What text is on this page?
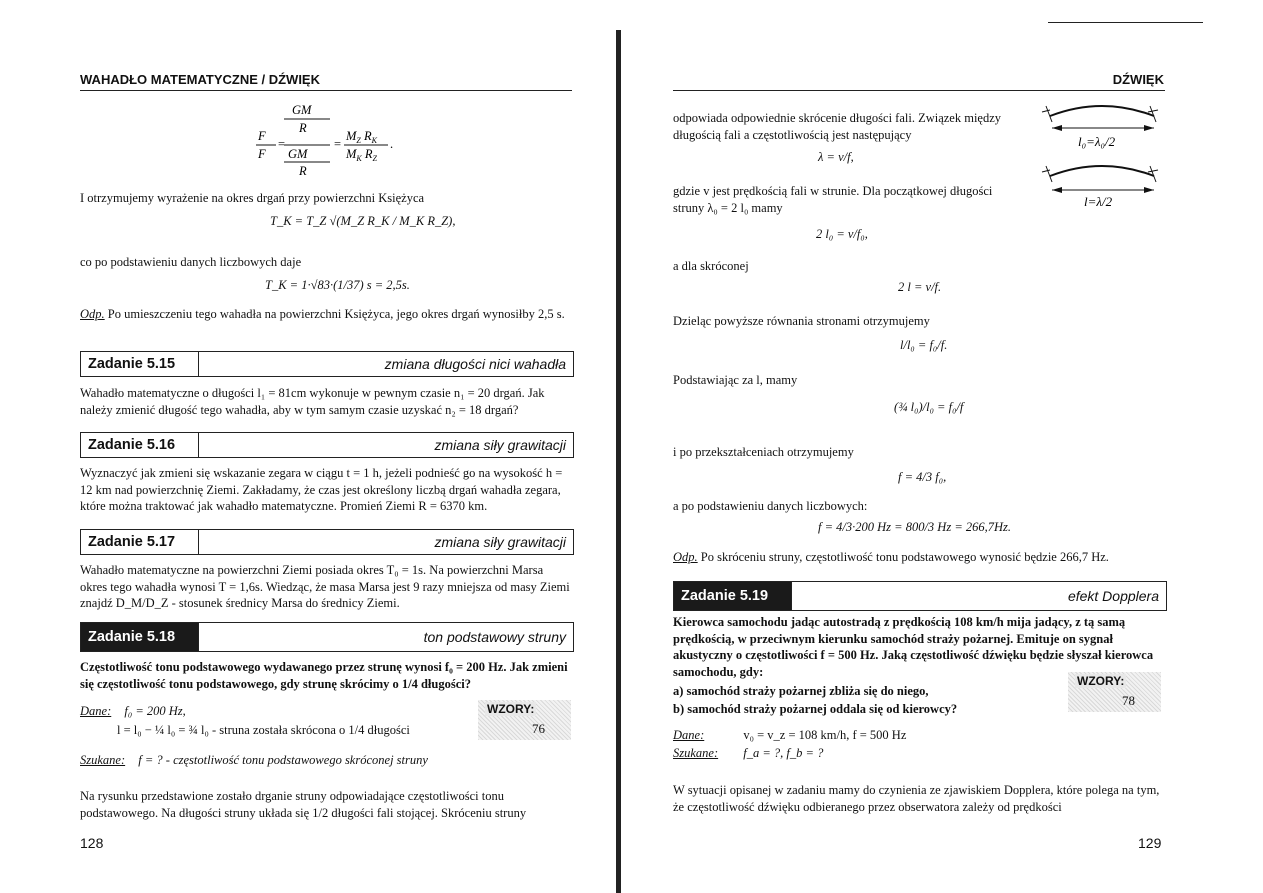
WAHADŁO MATEMATYCZNE / DŹWIĘK
GM
R
F
F
=
GM
R
=
$M_Z$ $R_K$
$M_K$ $R_Z$
.
I otrzymujemy wyrażenie na okres drgań przy powierzchni Księżyca
T_K = T_Z √(M_Z R_K / M_K R_Z),
co po podstawieniu danych liczbowych daje
T_K = 1·√83·(1/37) s = 2,5s.
Odp. Po umieszczeniu tego wahadła na powierzchni Księżyca, jego okres drgań wynosiłby 2,5 s.
Zadanie 5.15	zmiana długości nici wahadła
Wahadło matematyczne o długości l₁ = 81cm wykonuje w pewnym czasie n₁ = 20 drgań. Jak należy zmienić długość tego wahadła, aby w tym samym czasie uzyskać n₂ = 18 drgań?
Zadanie 5.16	zmiana siły grawitacji
Wyznaczyć jak zmieni się wskazanie zegara w ciągu t = 1 h, jeżeli podnieść go na wysokość h = 12 km nad powierzchnię Ziemi. Zakładamy, że czas jest określony liczbą drgań wahadła zegara, które można traktować jak wahadło matematyczne. Promień Ziemi R = 6370 km.
Zadanie 5.17	zmiana siły grawitacji
Wahadło matematyczne na powierzchni Ziemi posiada okres T₀ = 1s. Na powierzchni Marsa okres tego wahadła wynosi T = 1,6s. Wiedząc, że masa Marsa jest 9 razy mniejsza od masy Ziemi znajdź D_M/D_Z - stosunek średnicy Marsa do średnicy Ziemi.
Zadanie 5.18	ton podstawowy struny
Częstotliwość tonu podstawowego wydawanego przez strunę wynosi f₀ = 200 Hz. Jak zmieni się częstotliwość tonu podstawowego, gdy strunę skrócimy o 1/4 długości?
Dane: f₀ = 200 Hz,
l = l₀ − ¼ l₀ = ¾ l₀ - struna została skrócona o 1/4 długości
Szukane: f = ? - częstotliwość tonu podstawowego skróconej struny
WZORY:
76
Na rysunku przedstawione zostało drganie struny odpowiadające częstotliwości tonu podstawowego. Na długości struny układa się 1/2 długości fali stojącej. Skróceniu struny
128
DŹWIĘK
odpowiada odpowiednie skrócenie długości fali. Związek między długością fali a częstotliwością jest następujący
λ = v/f,
gdzie v jest prędkością fali w strunie. Dla początkowej długości struny λ₀ = 2 l₀ mamy
2 l₀ = v/f₀,
a dla skróconej
2 l = v/f.
Dzieląc powyższe równania stronami otrzymujemy
l/l₀ = f₀/f.
Podstawiając za l, mamy
(¾ l₀)/l₀ = f₀/f
i po przekształceniach otrzymujemy
f = 4/3 f₀,
a po podstawieniu danych liczbowych:
f = 4/3·200 Hz = 800/3 Hz = 266,7Hz.
Odp. Po skróceniu struny, częstotliwość tonu podstawowego wynosić będzie 266,7 Hz.
l₀=λ₀/2
l=λ/2
Zadanie 5.19	efekt Dopplera
Kierowca samochodu jadąc autostradą z prędkością 108 km/h mija jadący, z tą samą prędkością, w przeciwnym kierunku samochód straży pożarnej. Emituje on sygnał akustyczny o częstotliwości f = 500 Hz. Jaką częstotliwość dźwięku będzie słyszał kierowca samochodu, gdy:
a) samochód straży pożarnej zbliża się do niego,
b) samochód straży pożarnej oddala się od kierowcy?
WZORY:
78
Dane:	v₀ = v_z = 108 km/h, f = 500 Hz
Szukane: f_a = ?, f_b = ?
W sytuacji opisanej w zadaniu mamy do czynienia ze zjawiskiem Dopplera, które polega na tym, że częstotliwość dźwięku odbieranego przez obserwatora zależy od prędkości
129
